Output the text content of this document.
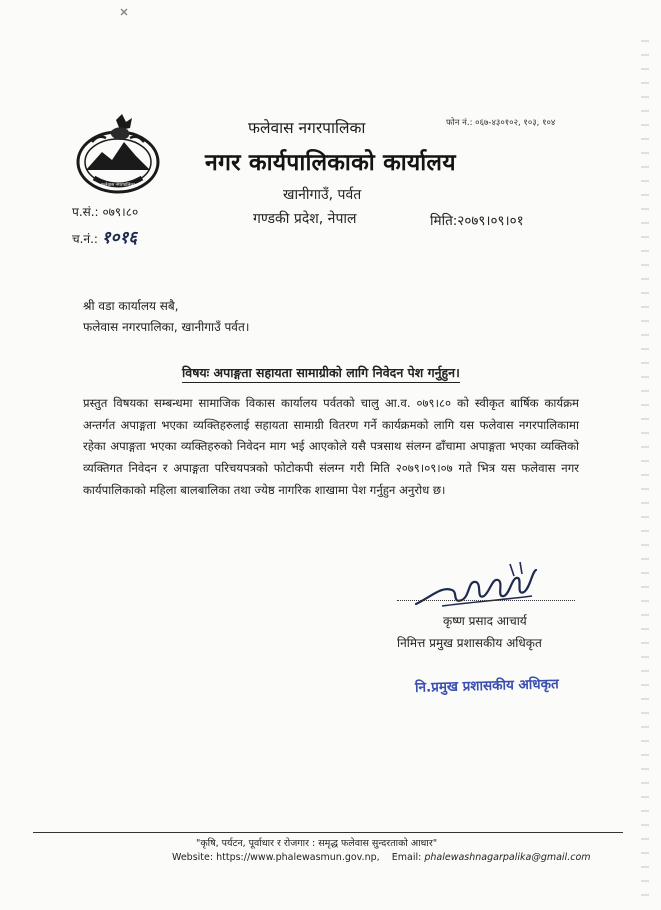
फलेवास नगरपालिका
फोन नं.: ०६७-४३०१०२, १०३, १०४
फलेवास नगरपालिका
नगर कार्यपालिकाको कार्यालय
खानीगाउँ, पर्वत
गण्डकी प्रदेश, नेपाल
प.सं.: ०७९।८०
च.नं.: १०१६
मिति:२०७९।०९।०१
श्री वडा कार्यालय सबै,
फलेवास नगरपालिका, खानीगाउँ पर्वत।
विषयः अपाङ्गता सहायता सामाग्रीको लागि निवेदन पेश गर्नुहुन।
प्रस्तुत विषयका सम्बन्धमा सामाजिक विकास कार्यालय पर्वतको चालु आ.व. ०७९।८० को स्वीकृत बार्षिक कार्यक्रम अन्तर्गत अपाङ्गता भएका व्यक्तिहरुलाई सहायता सामाग्री वितरण गर्ने कार्यक्रमको लागि यस फलेवास नगरपालिकामा रहेका अपाङ्गता भएका व्यक्तिहरुको निवेदन माग भई आएकोले यसै पत्रसाथ संलग्न ढाँचामा अपाङ्गता भएका व्यक्तिको व्यक्तिगत निवेदन र अपाङ्गता परिचयपत्रको फोटोकपी संलग्न गरी मिति २०७९।०९।०७ गते भित्र यस फलेवास नगर कार्यपालिकाको महिला बालबालिका तथा ज्येष्ठ नागरिक शाखामा पेश गर्नुहुन अनुरोध छ।
कृष्ण प्रसाद आचार्य
निमित्त प्रमुख प्रशासकीय अधिकृत
नि.प्रमुख प्रशासकीय अधिकृत
"कृषि, पर्यटन, पूर्वाधार र रोजगार : समृद्ध फलेवास सुन्दरताको आधार"
Website: https://www.phalewasmun.gov.np, Email: phalewashnagarpalika@gmail.com
